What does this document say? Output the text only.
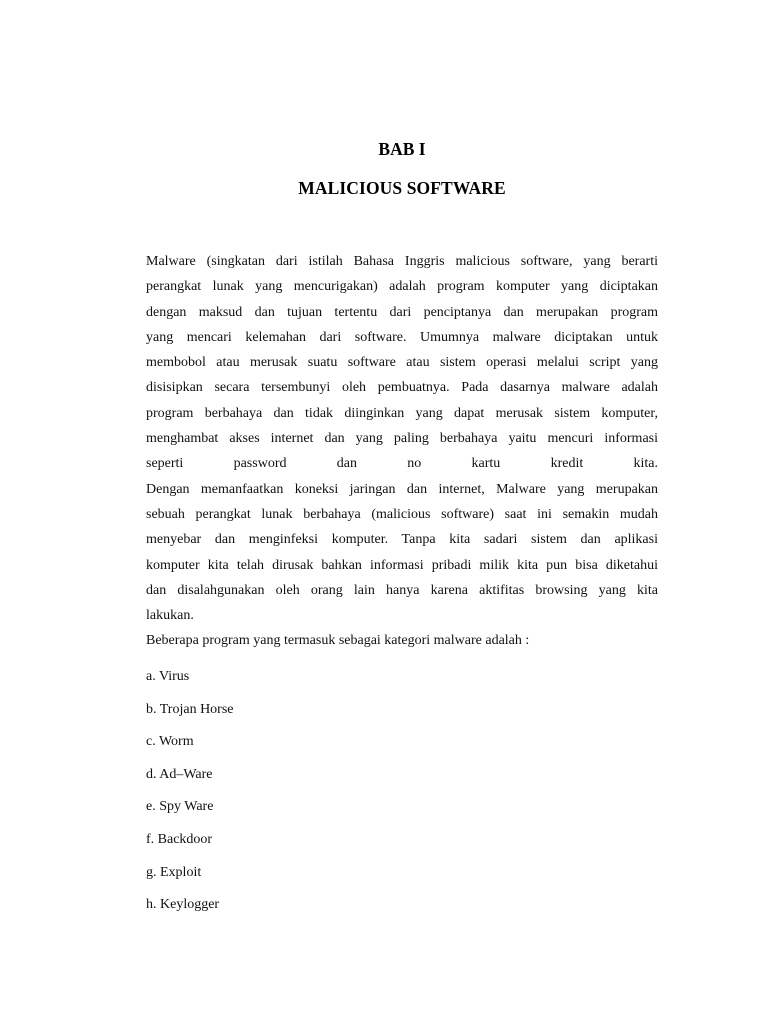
BAB I
MALICIOUS SOFTWARE
Malware (singkatan dari istilah Bahasa Inggris malicious software, yang berarti
perangkat lunak yang mencurigakan) adalah program komputer yang diciptakan
dengan maksud dan tujuan tertentu dari penciptanya dan merupakan program
yang mencari kelemahan dari software. Umumnya malware diciptakan untuk
membobol atau merusak suatu software atau sistem operasi melalui script yang
disisipkan secara tersembunyi oleh pembuatnya. Pada dasarnya malware adalah
program berbahaya dan tidak diinginkan yang dapat merusak sistem komputer,
menghambat akses internet dan yang paling berbahaya yaitu mencuri informasi
seperti password dan no kartu kredit kita.
Dengan memanfaatkan koneksi jaringan dan internet, Malware yang merupakan
sebuah perangkat lunak berbahaya (malicious software) saat ini semakin mudah
menyebar dan menginfeksi komputer. Tanpa kita sadari sistem dan aplikasi
komputer kita telah dirusak bahkan informasi pribadi milik kita pun bisa diketahui
dan disalahgunakan oleh orang lain hanya karena aktifitas browsing yang kita
lakukan.

Beberapa program yang termasuk sebagai kategori malware adalah :

a. Virus
b. Trojan Horse
c. Worm
d. Ad–Ware
e. Spy Ware
f. Backdoor
g. Exploit
h. Keylogger
